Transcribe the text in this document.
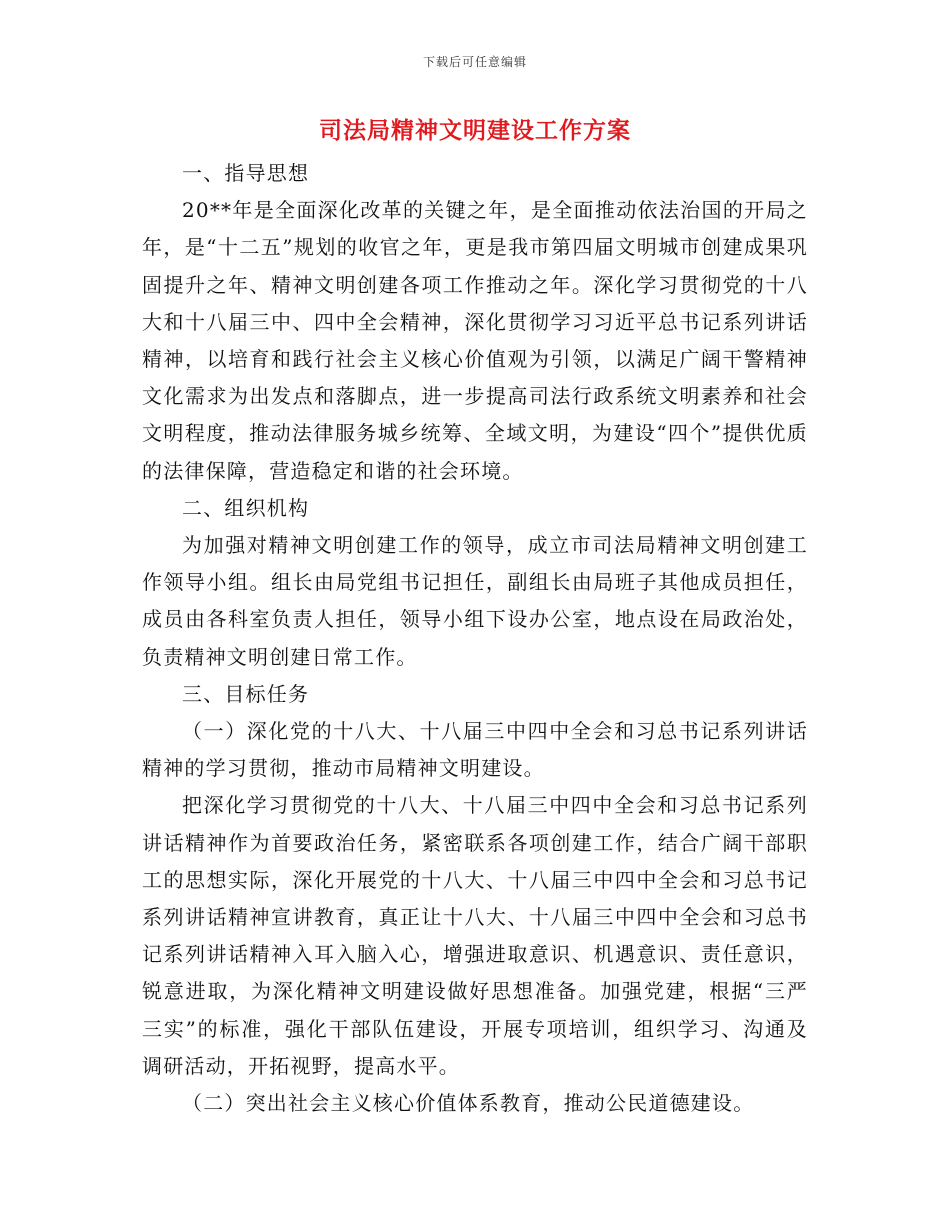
下载后可任意编辑
司法局精神文明建设工作方案

一、指导思想

20**年是全面深化改革的关键之年，是全面推动依法治国的开局之年，是“十二五”规划的收官之年，更是我市第四届文明城市创建成果巩固提升之年、精神文明创建各项工作推动之年。深化学习贯彻党的十八大和十八届三中、四中全会精神，深化贯彻学习习近平总书记系列讲话精神，以培育和践行社会主义核心价值观为引领，以满足广阔干警精神文化需求为出发点和落脚点，进一步提高司法行政系统文明素养和社会文明程度，推动法律服务城乡统筹、全域文明，为建设“四个”提供优质的法律保障，营造稳定和谐的社会环境。

二、组织机构

为加强对精神文明创建工作的领导，成立市司法局精神文明创建工作领导小组。组长由局党组书记担任，副组长由局班子其他成员担任，成员由各科室负责人担任，领导小组下设办公室，地点设在局政治处，负责精神文明创建日常工作。

三、目标任务

（一）深化党的十八大、十八届三中四中全会和习总书记系列讲话精神的学习贯彻，推动市局精神文明建设。

把深化学习贯彻党的十八大、十八届三中四中全会和习总书记系列讲话精神作为首要政治任务，紧密联系各项创建工作，结合广阔干部职工的思想实际，深化开展党的十八大、十八届三中四中全会和习总书记系列讲话精神宣讲教育，真正让十八大、十八届三中四中全会和习总书记系列讲话精神入耳入脑入心，增强进取意识、机遇意识、责任意识，锐意进取，为深化精神文明建设做好思想准备。加强党建，根据“三严三实”的标准，强化干部队伍建设，开展专项培训，组织学习、沟通及调研活动，开拓视野，提高水平。

（二）突出社会主义核心价值体系教育，推动公民道德建设。
